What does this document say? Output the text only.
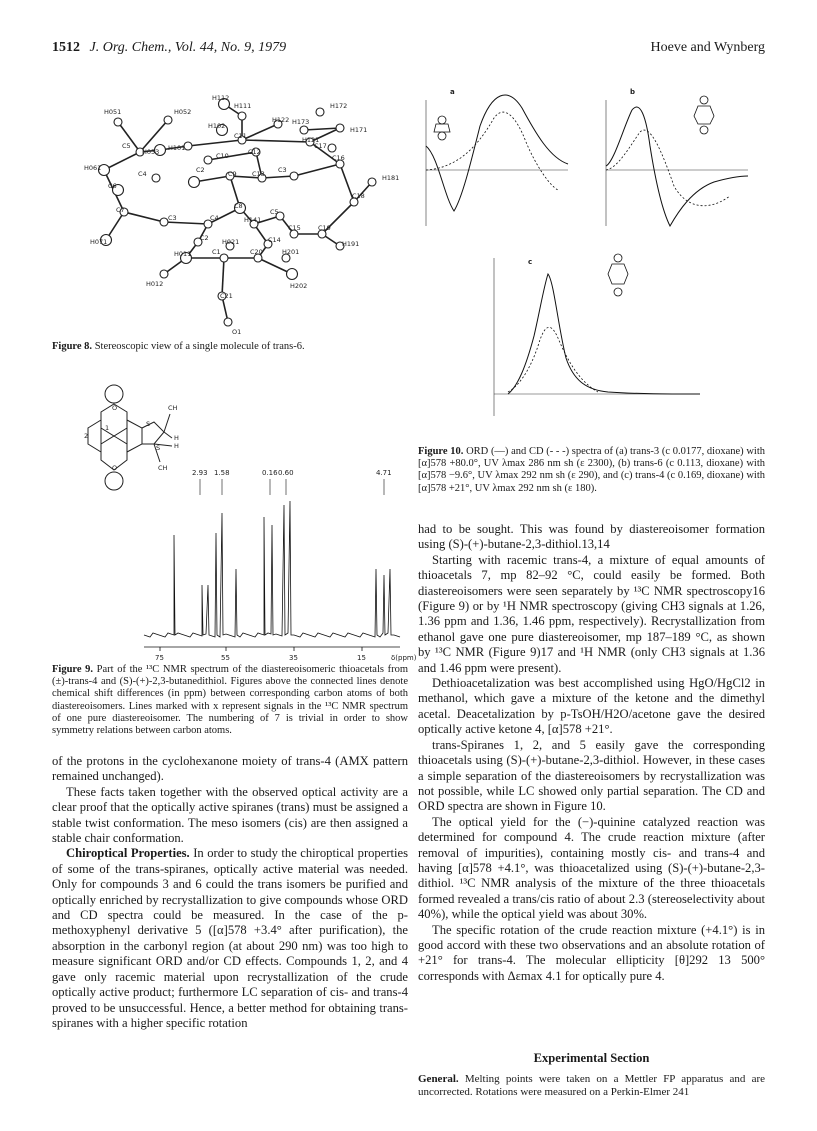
1512 J. Org. Chem., Vol. 44, No. 9, 1979	Hoeve and Wynberg
H112
H111	H172
H051	H052
H102
H122 H173
H171
C5
H053 H101
C11	H121
C17
H061
C4
C10	C12
C16
C2	C9 C13 C3
H181
C6
C18
C7
C3	C4
C8
H141
C5
C15	C19
H071	C2 H021	C14	H191
H011	C1	C20	H201
H012	H202
C21
O1
Figure 8. Stereoscopic view of a single molecule of trans-6.
O
O
2
1	S
S
CH
H
H
CH
2.93 1.58	0.16 0.60	4.71
75	55	35	15	δ(ppm)
Figure 9. Part of the ¹³C NMR spectrum of the diastereoisomeric thioacetals from (±)-trans-4 and (S)-(+)-2,3-butanedithiol. Figures above the connected lines denote chemical shift differences (in ppm) between corresponding carbon atoms of both diastereoisomers. Lines marked with x represent signals in the ¹³C NMR spectrum of one pure diastereoisomer. The numbering of 7 is trivial in order to show symmetry relations between carbon atoms.
a	b
c
Figure 10. ORD (—) and CD (- - -) spectra of (a) trans-3 (c 0.0177, dioxane) with [α]578 +80.0°, UV λmax 286 nm sh (ε 2300), (b) trans-6 (c 0.113, dioxane) with [α]578 −9.6°, UV λmax 292 nm sh (ε 290), and (c) trans-4 (c 0.169, dioxane) with [α]578 +21°, UV λmax 292 nm sh (ε 180).

of the protons in the cyclohexanone moiety of trans-4 (AMX pattern remained unchanged).

These facts taken together with the observed optical activity are a clear proof that the optically active spiranes (trans) must be assigned a stable twist conformation. The meso isomers (cis) are then assigned a stable chair conformation.

Chiroptical Properties. In order to study the chiroptical properties of some of the trans-spiranes, optically active material was needed. Only for compounds 3 and 6 could the trans isomers be purified and optically enriched by recrystallization to give compounds whose ORD and CD spectra could be measured. In the case of the p-methoxyphenyl derivative 5 ([α]578 +3.4° after purification), the absorption in the carbonyl region (at about 290 nm) was too high to measure significant ORD and/or CD effects. Compounds 1, 2, and 4 gave only racemic material upon recrystallization of the crude optically active product; furthermore LC separation of cis- and trans-4 proved to be unsuccessful. Hence, a better method for obtaining trans-spiranes with a higher specific rotation

had to be sought. This was found by diastereoisomer formation using (S)-(+)-butane-2,3-dithiol.13,14

Starting with racemic trans-4, a mixture of equal amounts of thioacetals 7, mp 82–92 °C, could easily be formed. Both diastereoisomers were seen separately by ¹³C NMR spectroscopy16 (Figure 9) or by ¹H NMR spectroscopy (giving CH3 signals at 1.26, 1.36 ppm and 1.36, 1.46 ppm, respectively). Recrystallization from ethanol gave one pure diastereoisomer, mp 187–189 °C, as shown by ¹³C NMR (Figure 9)17 and ¹H NMR (only CH3 signals at 1.36 and 1.46 ppm were present).

Dethioacetalization was best accomplished using HgO/HgCl2 in methanol, which gave a mixture of the ketone and the dimethyl acetal. Deacetalization by p-TsOH/H2O/acetone gave the desired optically active ketone 4, [α]578 +21°.

trans-Spiranes 1, 2, and 5 easily gave the corresponding thioacetals using (S)-(+)-butane-2,3-dithiol. However, in these cases a simple separation of the diastereoisomers by recrystallization was not possible, while LC showed only partial separation. The CD and ORD spectra are shown in Figure 10.

The optical yield for the (−)-quinine catalyzed reaction was determined for compound 4. The crude reaction mixture (after removal of impurities), containing mostly cis- and trans-4 and having [α]578 +4.1°, was thioacetalized using (S)-(+)-butane-2,3-dithiol. ¹³C NMR analysis of the mixture of the three thioacetals formed revealed a trans/cis ratio of about 2.3 (stereoselectivity about 40%), while the optical yield was about 30%.

The specific rotation of the crude reaction mixture (+4.1°) is in good accord with these two observations and an absolute rotation of +21° for trans-4. The molecular ellipticity [θ]292 13 500° corresponds with Δεmax 4.1 for optically pure 4.

Experimental Section
General. Melting points were taken on a Mettler FP apparatus and are uncorrected. Rotations were measured on a Perkin-Elmer 241
